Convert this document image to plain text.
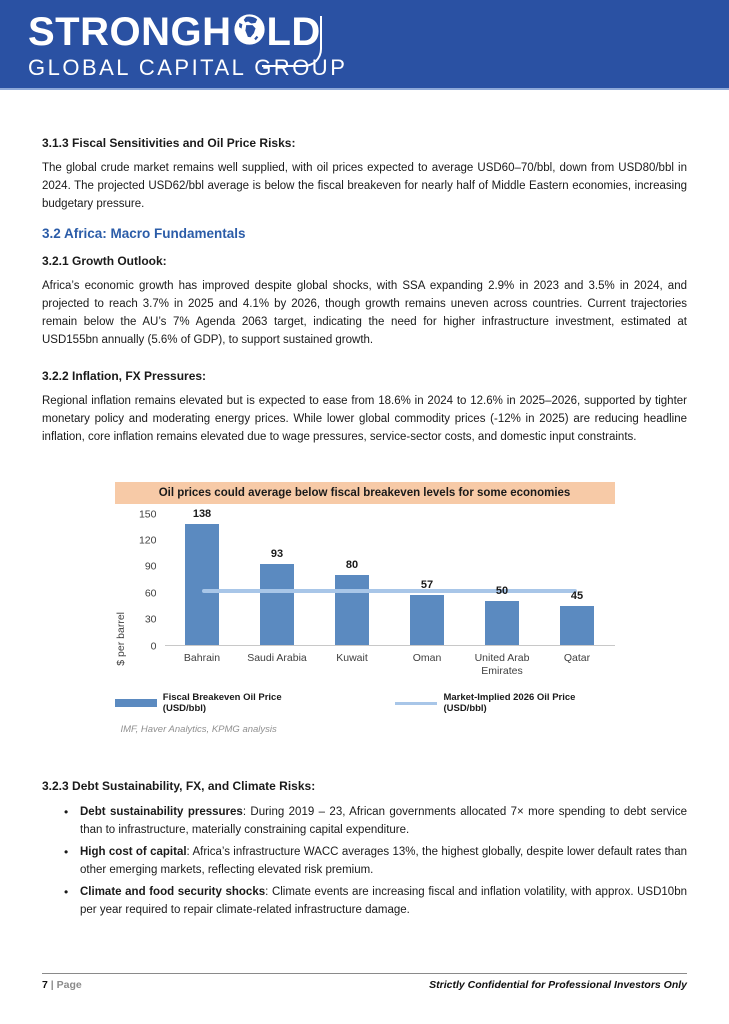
STRONGH LD
GLOBAL CAPITAL GROUP
3.1.3 Fiscal Sensitivities and Oil Price Risks:

The global crude market remains well supplied, with oil prices expected to average USD60–70/bbl, down from USD80/bbl in 2024. The projected USD62/bbl average is below the fiscal breakeven for nearly half of Middle Eastern economies, increasing budgetary pressure.

3.2 Africa: Macro Fundamentals
3.2.1 Growth Outlook:

Africa’s economic growth has improved despite global shocks, with SSA expanding 2.9% in 2023 and 3.5% in 2024, and projected to reach 3.7% in 2025 and 4.1% by 2026, though growth remains uneven across countries. Current trajectories remain below the AU’s 7% Agenda 2063 target, indicating the need for higher infrastructure investment, estimated at USD155bn annually (5.6% of GDP), to support sustained growth.

3.2.2 Inflation, FX Pressures:

Regional inflation remains elevated but is expected to ease from 18.6% in 2024 to 12.6% in 2025–2026, supported by tighter monetary policy and moderating energy prices. While lower global commodity prices (-12% in 2025) are reducing headline inflation, core inflation remains elevated due to wage pressures, service-sector costs, and domestic input constraints.

Oil prices could average below fiscal breakeven levels for some economies
$ per barrel 0
30
60
90
120
150	138
93
80
57
50	45
Bahrain	Saudi Arabia	Kuwait	Oman	United Arab Emirates
Qatar
Fiscal Breakeven Oil Price (USD/bbl)
Market-Implied 2026 Oil Price (USD/bbl)
IMF, Haver Analytics, KPMG analysis
3.2.3 Debt Sustainability, FX, and Climate Risks:
• Debt sustainability pressures: During 2019 – 23, African governments allocated 7× more spending to debt service than to infrastructure, materially constraining capital expenditure.
• High cost of capital: Africa’s infrastructure WACC averages 13%, the highest globally, despite lower default rates than other emerging markets, reflecting elevated risk premium.
• Climate and food security shocks: Climate events are increasing fiscal and inflation volatility, with approx. USD10bn per year required to repair climate-related infrastructure damage.
7 | Page	Strictly Confidential for Professional Investors Only
